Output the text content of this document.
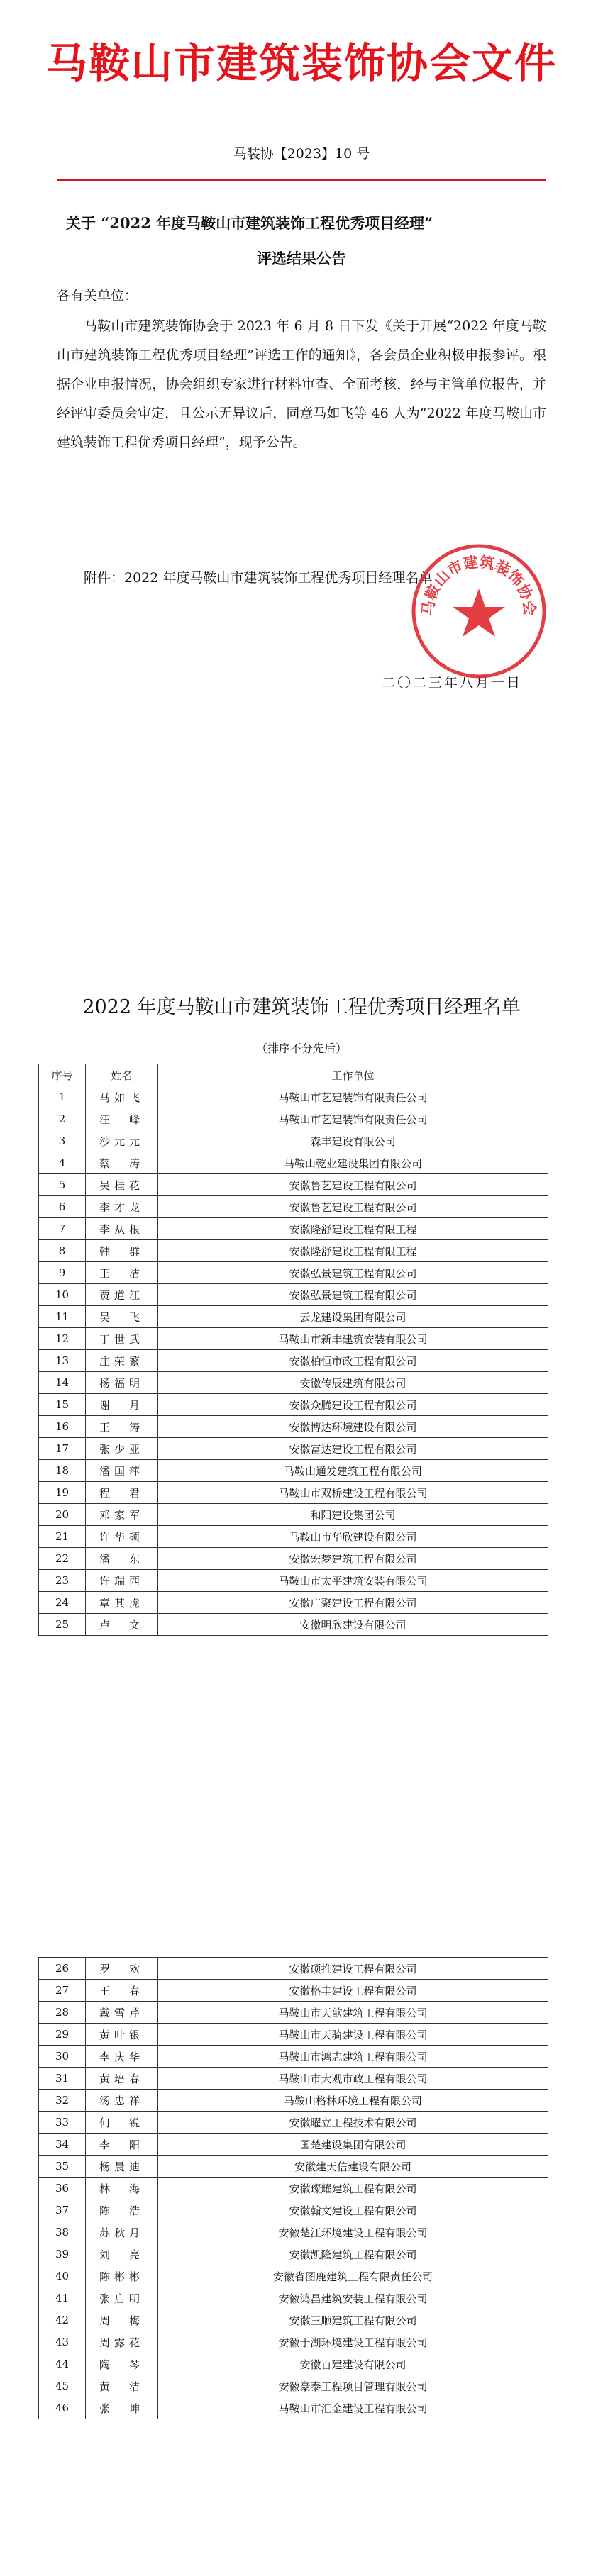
马鞍山市建筑装饰协会文件
马装协【2023】10 号
关于 “2022 年度马鞍山市建筑装饰工程优秀项目经理”
评选结果公告
各有关单位：

马鞍山市建筑装饰协会于 2023 年 6 月 8 日下发《关于开展“2022 年度马鞍山市建筑装饰工程优秀项目经理”评选工作的通知》，各会员企业积极申报参评。根据企业申报情况，协会组织专家进行材料审查、全面考核，经与主管单位报告，并经评审委员会审定，且公示无异议后，同意马如飞等 46 人为“2022 年度马鞍山市建筑装饰工程优秀项目经理”，现予公告。

附件：2022 年度马鞍山市建筑装饰工程优秀项目经理名单
二〇二三年八月一日
马鞍山市建筑装饰协会
2022 年度马鞍山市建筑装饰工程优秀项目经理名单
（排序不分先后）
序号	姓名	工作单位
1	马如飞	马鞍山市艺建装饰有限责任公司
2	汪　峰	马鞍山市艺建装饰有限责任公司
3	沙元元	森丰建设有限公司
4	蔡　涛	马鞍山乾业建设集团有限公司
5	吴桂花	安徽鲁艺建设工程有限公司
6	李才龙	安徽鲁艺建设工程有限公司
7	李从根	安徽隆舒建设工程有限工程
8	韩　群	安徽隆舒建设工程有限工程
9	王　洁	安徽弘景建筑工程有限公司
10	贾道江	安徽弘景建筑工程有限公司
11	吴　飞	云龙建设集团有限公司
12	丁世武	马鞍山市新丰建筑安装有限公司
13	庄荣繁	安徽柏恒市政工程有限公司
14	杨福明	安徽传辰建筑有限公司
15	谢　月	安徽众腾建设工程有限公司
16	王　涛	安徽博达环境建设有限公司
17	张少亚	安徽富达建设工程有限公司
18	潘国萍	马鞍山通发建筑工程有限公司
19	程　君	马鞍山市双桥建设工程有限公司
20	邓家军	和阳建设集团公司
21	许华硕	马鞍山市华欣建设有限公司
22	潘　东	安徽宏梦建筑工程有限公司
23	许瑞西	马鞍山市太平建筑安装有限公司
24	章其虎	安徽广聚建设工程有限公司
25	卢　文	安徽明欣建设有限公司
26	罗　欢	安徽硕推建设工程有限公司
27	王　春	安徽格丰建设工程有限公司
28	戴雪芹	马鞍山市天歆建筑工程有限公司
29	黄叶银	马鞍山市天骑建设工程有限公司
30	李庆华	马鞍山市鸿志建筑工程有限公司
31	黄培春	马鞍山市大观市政工程有限公司
32	汤忠祥	马鞍山格林环境工程有限公司
33	何　锐	安徽曜立工程技术有限公司
34	李　阳	国楚建设集团有限公司
35	杨晨迪	安徽建天信建设有限公司
36	林　海	安徽璨耀建筑工程有限公司
37	陈　浩	安徽翰文建设工程有限公司
38	苏秋月	安徽楚江环境建设工程有限公司
39	刘　亮	安徽凯隆建筑工程有限公司
40	陈彬彬	安徽省图鹿建筑工程有限责任公司
41	张启明	安徽鸿昌建筑安装工程有限公司
42	周　梅	安徽三顺建筑工程有限公司
43	周露花	安徽于湖环境建设工程有限公司
44	陶　琴	安徽百建建设有限公司
45	黄　洁	安徽豪泰工程项目管理有限公司
46	张　坤	马鞍山市汇金建设工程有限公司
